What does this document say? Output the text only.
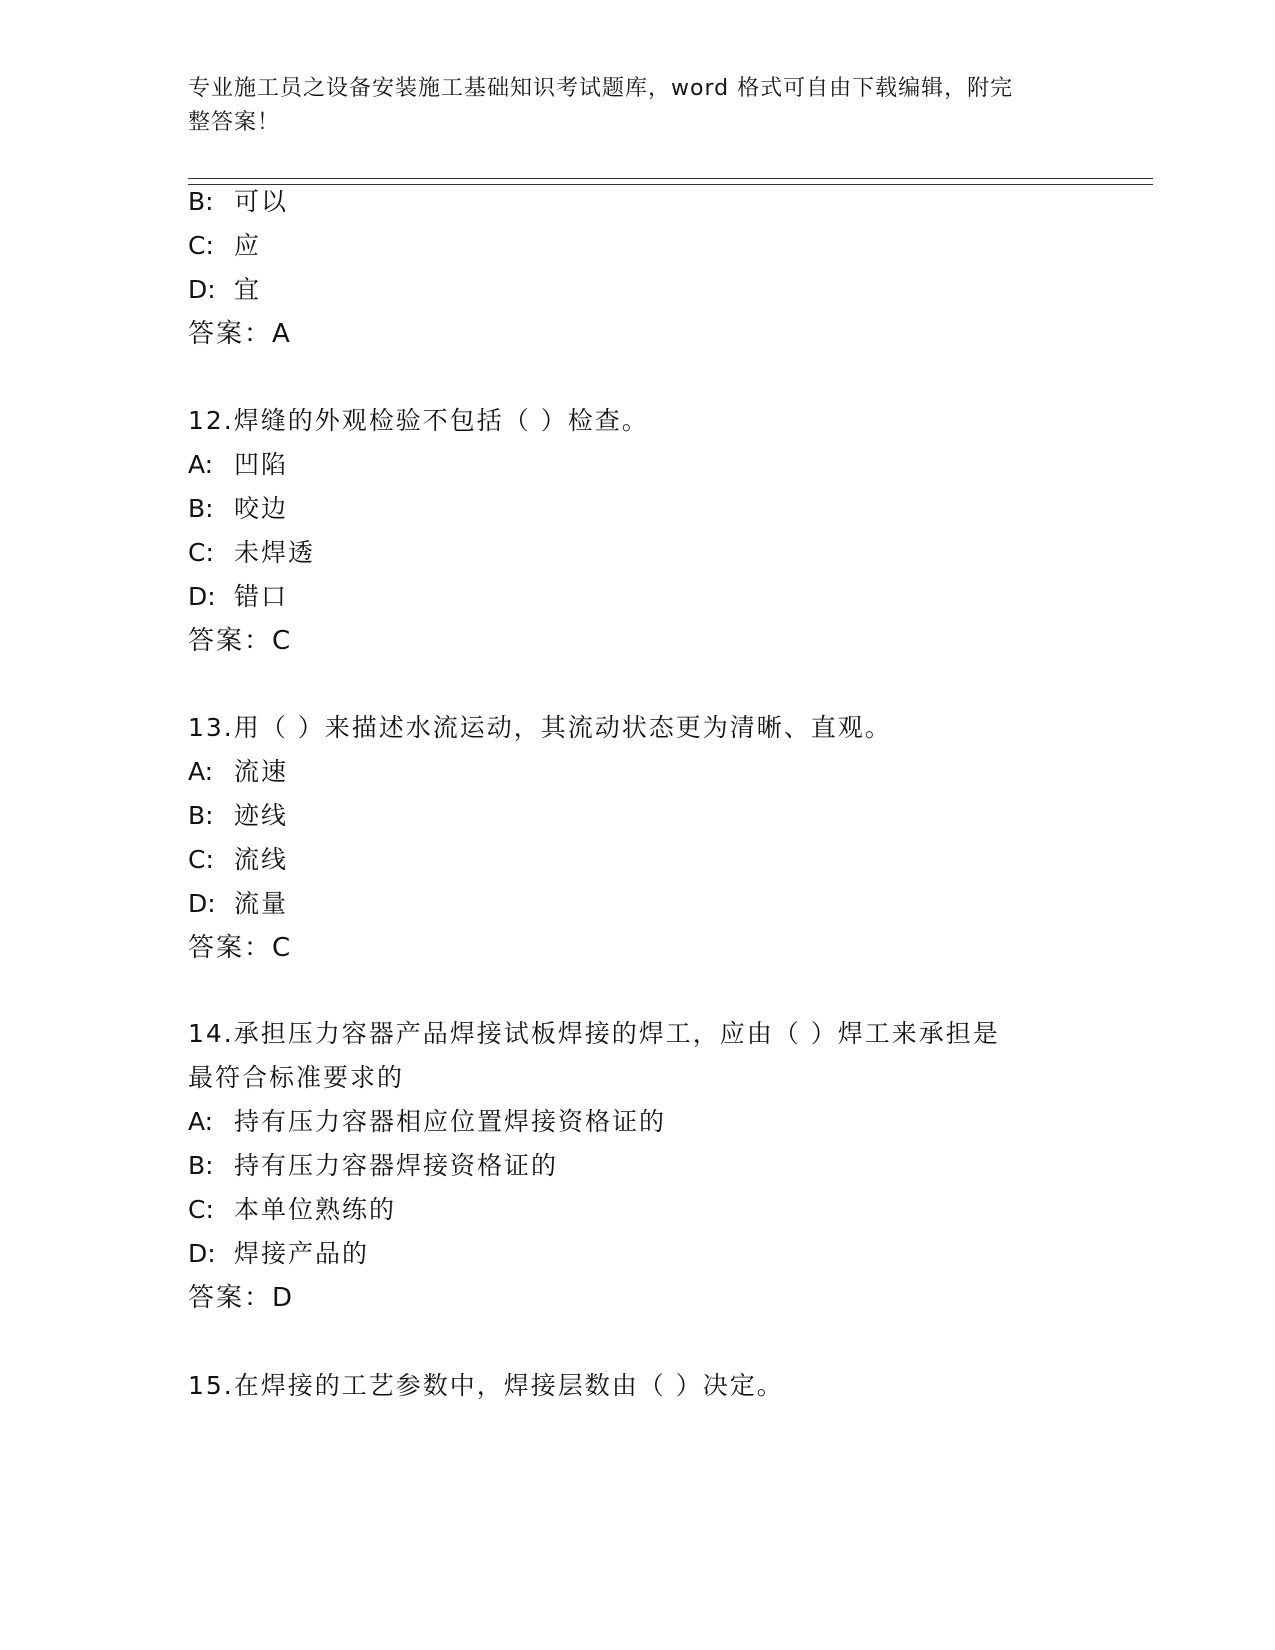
专业施工员之设备安装施工基础知识考试题库，word 格式可自由下载编辑，附完
整答案！
B: 可以
C: 应
D: 宜
答案：A
12.焊缝的外观检验不包括（ ）检查。
A: 凹陷
B: 咬边
C: 未焊透
D: 错口
答案：C
13.用（ ）来描述水流运动，其流动状态更为清晰、直观。
A: 流速
B: 迹线
C: 流线
D: 流量
答案：C
14.承担压力容器产品焊接试板焊接的焊工，应由（ ）焊工来承担是
最符合标准要求的
A: 持有压力容器相应位置焊接资格证的
B: 持有压力容器焊接资格证的
C: 本单位熟练的
D: 焊接产品的
答案：D
15.在焊接的工艺参数中，焊接层数由（ ）决定。
